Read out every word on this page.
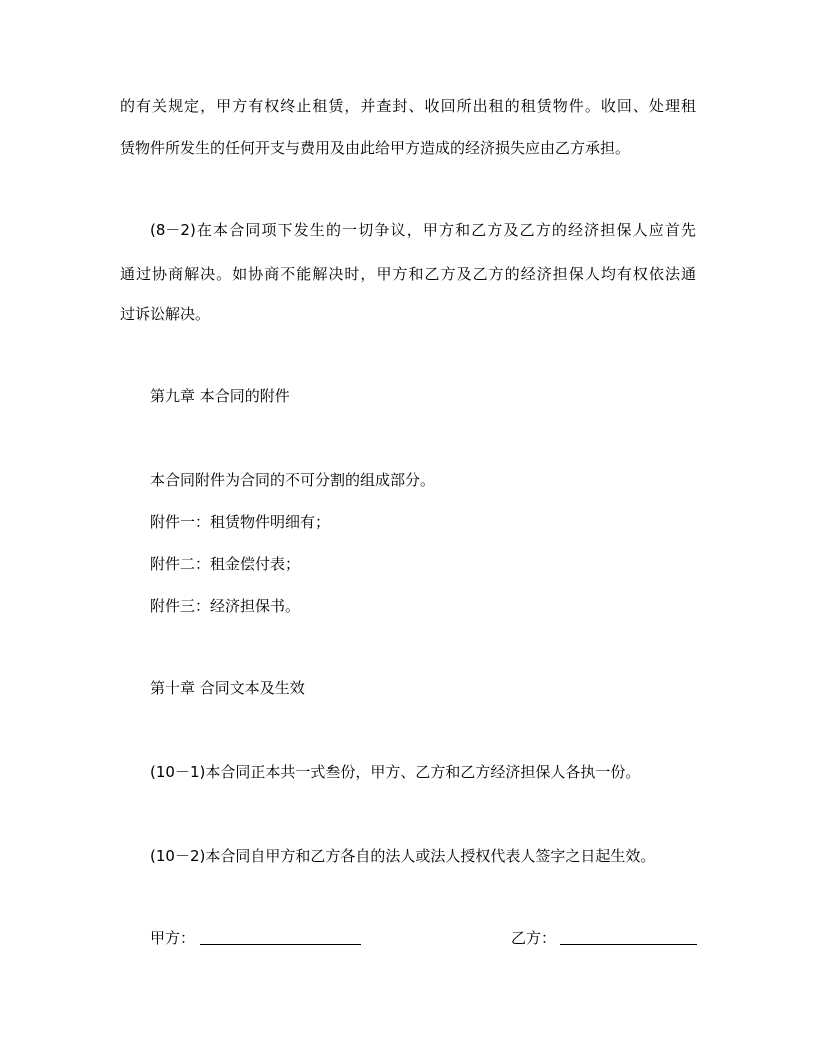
的有关规定，甲方有权终止租赁，并查封、收回所出租的租赁物件。收回、处理租
赁物件所发生的任何开支与费用及由此给甲方造成的经济损失应由乙方承担。
(8－2)在本合同项下发生的一切争议，甲方和乙方及乙方的经济担保人应首先
通过协商解决。如协商不能解决时，甲方和乙方及乙方的经济担保人均有权依法通
过诉讼解决。
第九章 本合同的附件
本合同附件为合同的不可分割的组成部分。
附件一：租赁物件明细有；
附件二：租金偿付表；
附件三：经济担保书。
第十章 合同文本及生效
(10－1)本合同正本共一式叁份，甲方、乙方和乙方经济担保人各执一份。
(10－2)本合同自甲方和乙方各自的法人或法人授权代表人签字之日起生效。
甲方：	乙方：
